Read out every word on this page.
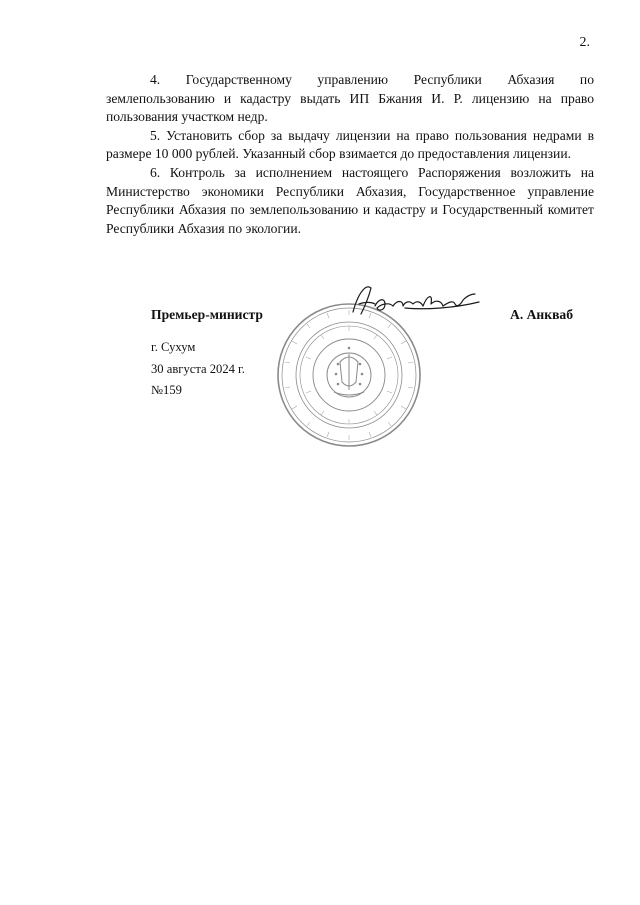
2.

4. Государственному управлению Республики Абхазия по землепользованию и кадастру выдать ИП Бжания И. Р. лицензию на право пользования участком недр.

5. Установить сбор за выдачу лицензии на право пользования недрами в размере 10 000 рублей. Указанный сбор взимается до предоставления лицензии.

6. Контроль за исполнением настоящего Распоряжения возложить на Министерство экономики Республики Абхазия, Государственное управление Республики Абхазия по землепользованию и кадастру и Государственный комитет Республики Абхазия по экологии.

Премьер-министр	А. Анкваб
г. Сухум
30 августа 2024 г.
№159
